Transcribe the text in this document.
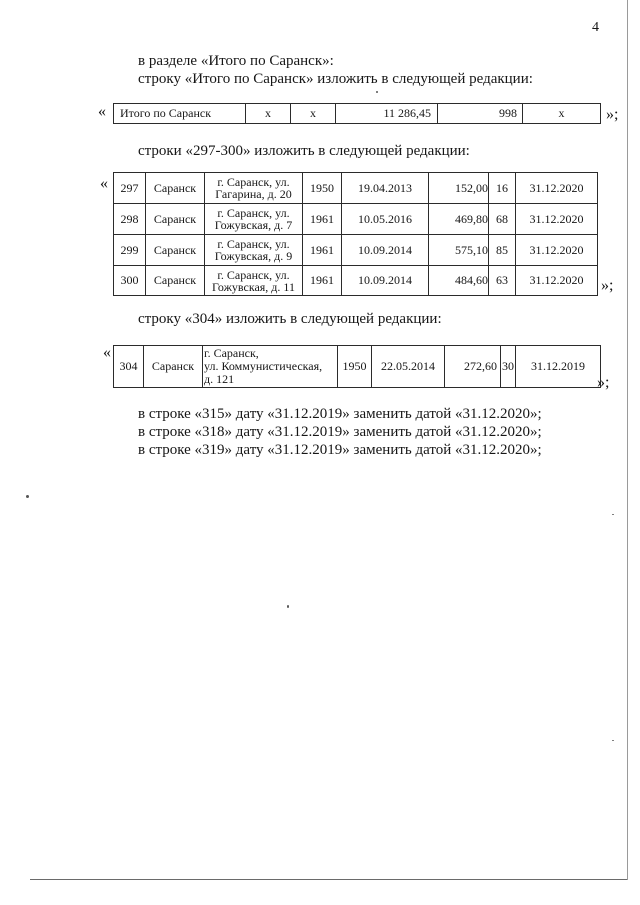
4
в разделе «Итого по Саранск»:
строку «Итого по Саранск» изложить в следующей редакции:
« Итого по Саранск	х	х	11 286,45	998	х	»;
строки «297-300» изложить в следующей редакции:
« 297	Саранск	г. Саранск, ул.
Гагарина, д. 20	1950	19.04.2013	152,00	16	31.12.2020
298	Саранск	г. Саранск, ул.
Гожувская, д. 7	1961	10.05.2016	469,80	68	31.12.2020
299	Саранск	г. Саранск, ул.
Гожувская, д. 9	1961	10.09.2014	575,10	85	31.12.2020
300	Саранск	г. Саранск, ул.
Гожувская, д. 11	1961	10.09.2014	484,60	63	31.12.2020 »;
строку «304» изложить в следующей редакции:
«
304	Саранск	
г. Саранск,
ул. Коммунистическая,
д. 121
	1950	22.05.2014	272,60	30	31.12.2019
»;
в строке «315» дату «31.12.2019» заменить датой «31.12.2020»;
в строке «318» дату «31.12.2019» заменить датой «31.12.2020»;
в строке «319» дату «31.12.2019» заменить датой «31.12.2020»;
